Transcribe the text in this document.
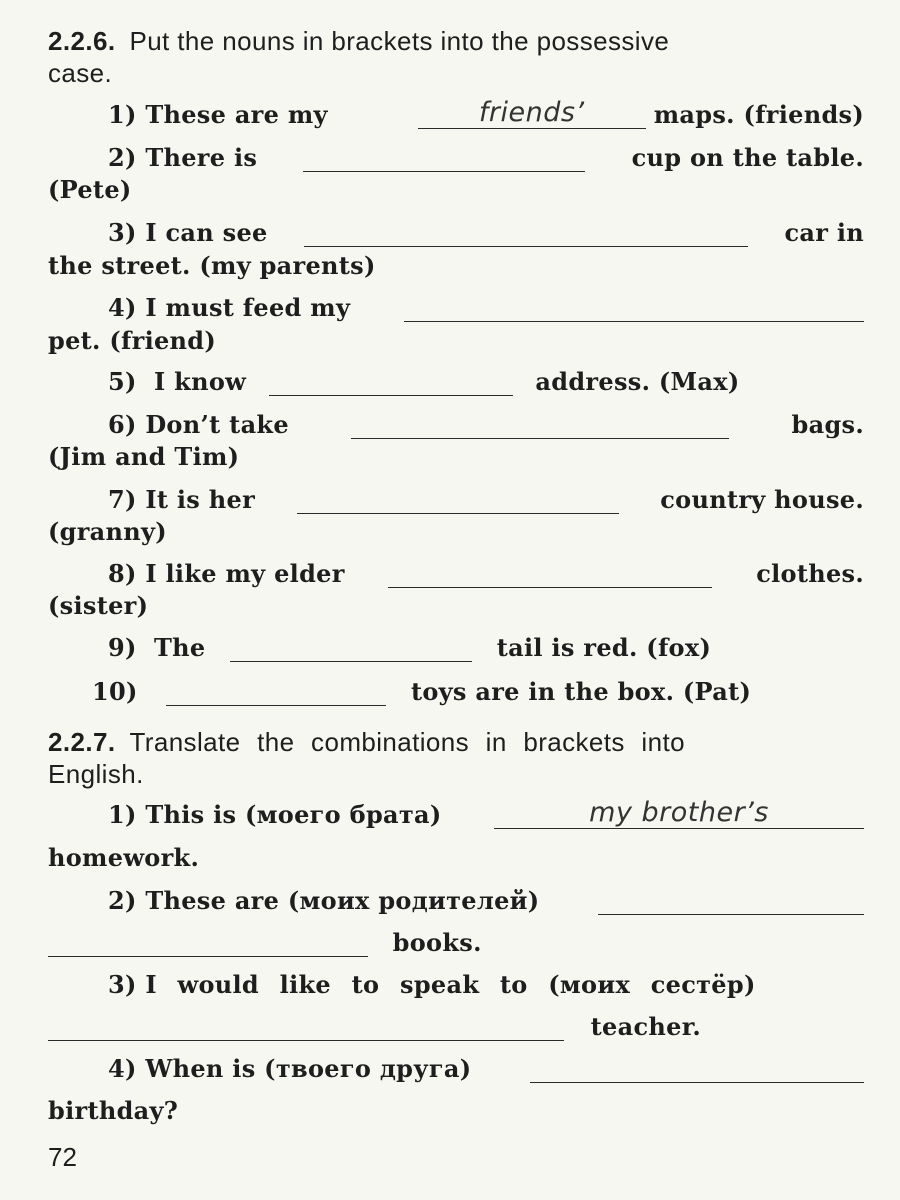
2.2.6. Put the nouns in brackets into the possessive
case.
1)
These are my	friends’	maps. (friends)
2)
There is	cup on the table.
(Pete)
3)
I can see	car in
the street. (my parents)
4)
I must feed my
pet. (friend)
5) I know	address. (Max)
6)
Don’t take	bags.
(Jim and Tim)
7)
It is her	country house.
(granny)
8)
I like my elder	clothes.
(sister)
9) The	tail is red. (fox)
10)	toys are in the box. (Pat)
2.2.7. Translate the combinations in brackets into
English.
1)
This is (моего брата)	my brother’s
homework.
2)
These are (моих родителей)
books.
3)
I would like to speak to (моих сестёр)
teacher.
4)
When is (твоего друга)
birthday?
72
